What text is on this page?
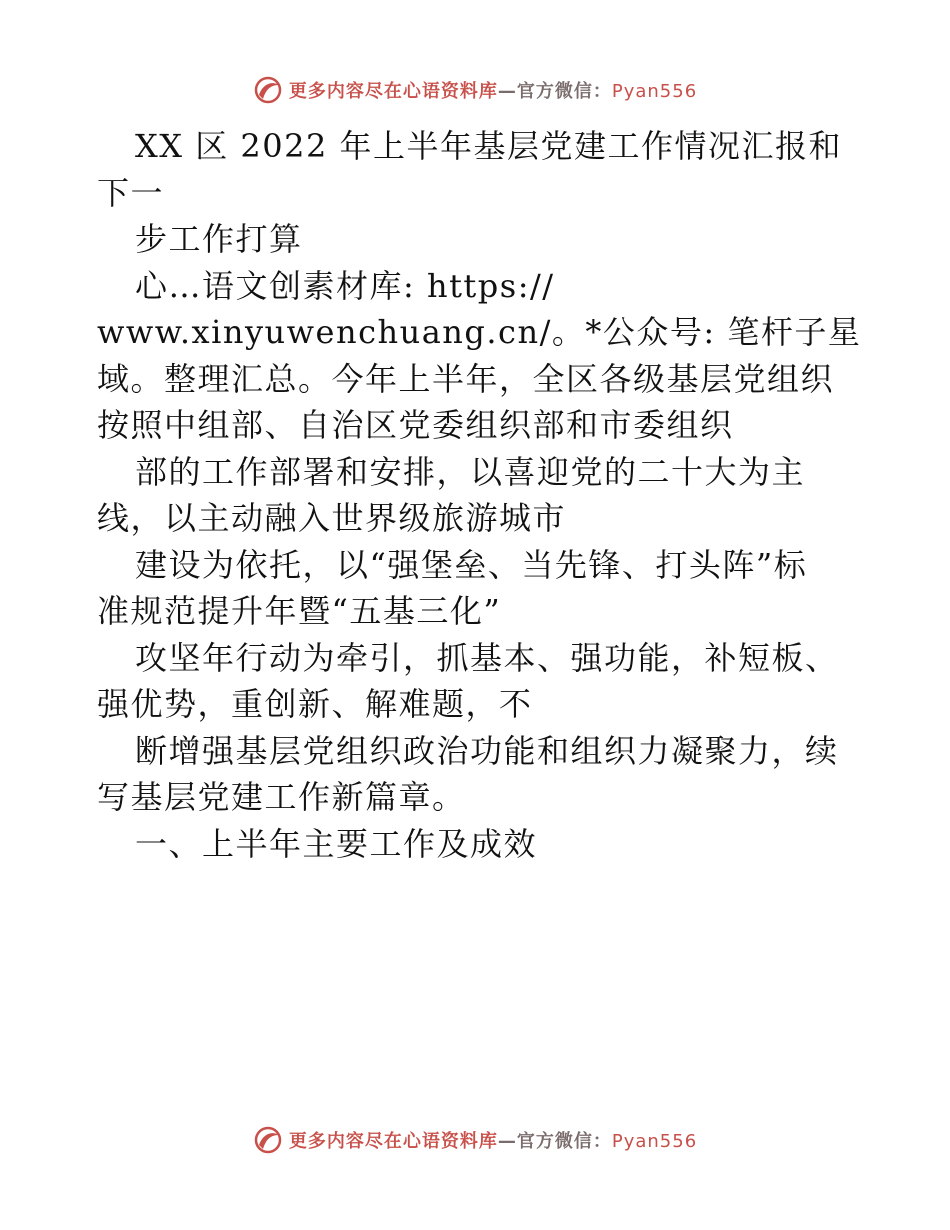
更多内容尽在心语资料库—官方微信：Pyan556
XX 区 2022 年上半年基层党建工作情况汇报和
下一
步工作打算
心…语文创素材库: https://
www.xinyuwenchuang.cn/。*公众号: 笔杆子星
域。整理汇总。今年上半年，全区各级基层党组织
按照中组部、自治区党委组织部和市委组织
部的工作部署和安排，以喜迎党的二十大为主
线，以主动融入世界级旅游城市
建设为依托，以“强堡垒、当先锋、打头阵”标
准规范提升年暨“五基三化”
攻坚年行动为牵引，抓基本、强功能，补短板、
强优势，重创新、解难题，不
断增强基层党组织政治功能和组织力凝聚力，续
写基层党建工作新篇章。
一、上半年主要工作及成效
更多内容尽在心语资料库—官方微信：Pyan556
